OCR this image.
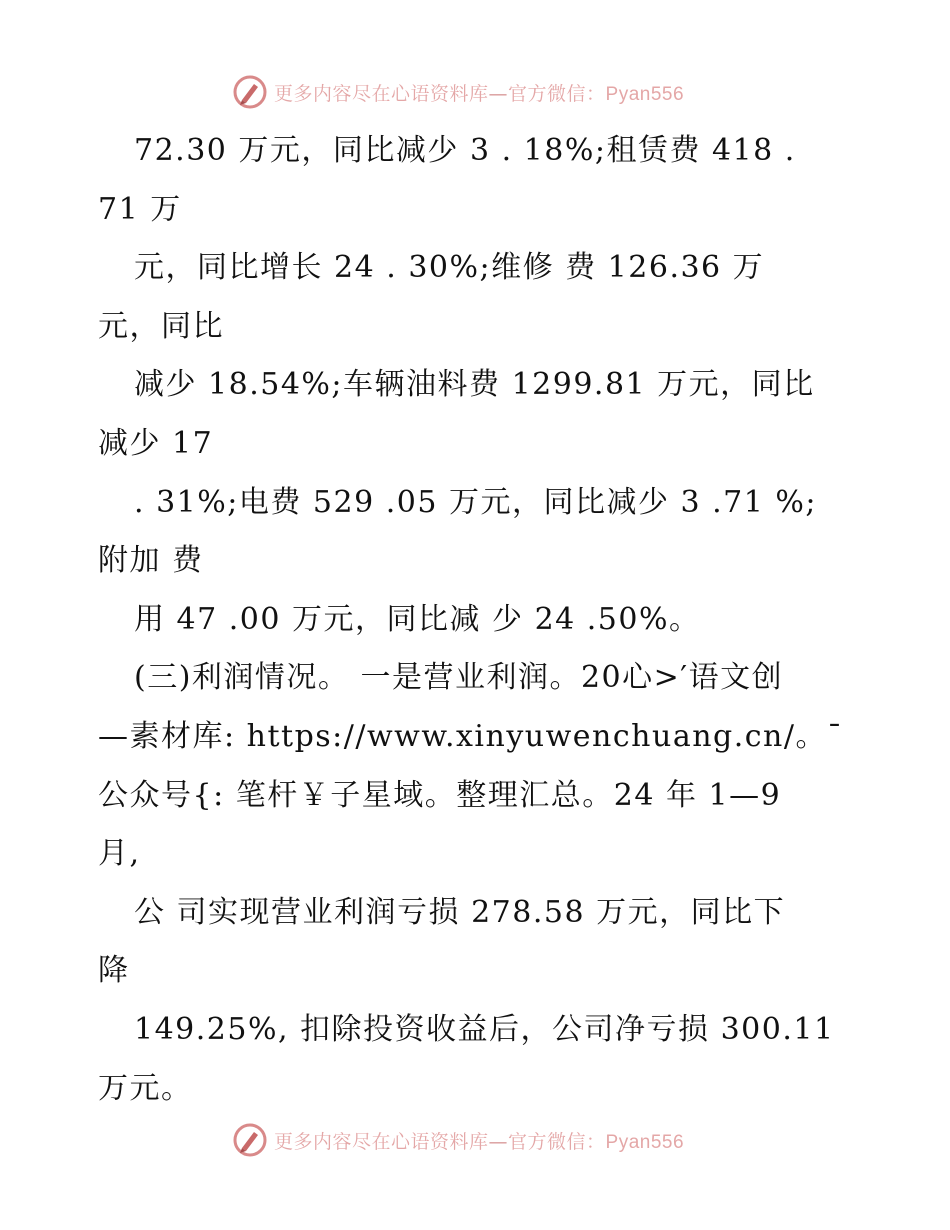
更多内容尽在心语资料库—官方微信：Pyan556
72.30 万元，同比减少 3 . 18%;租赁费 418 .
71 万
元，同比增长 24 . 30%;维修 费 126.36 万
元，同比
减少 18.54%;车辆油料费 1299.81 万元，同比
减少 17
. 31%;电费 529 .05 万元，同比减少 3 .71 %;
附加 费
用 47 .00 万元，同比减 少 24 .50%。
(三)利润情况。 一是营业利润。20心>′语文创
—素材库: https://www.xinyuwenchuang.cn/。¯
公众号{: 笔杆￥子星域。整理汇总。24 年 1—9
月,
公 司实现营业利润亏损 278.58 万元，同比下
降
149.25%, 扣除投资收益后，公司净亏损 300.11
万元。
更多内容尽在心语资料库—官方微信：Pyan556
